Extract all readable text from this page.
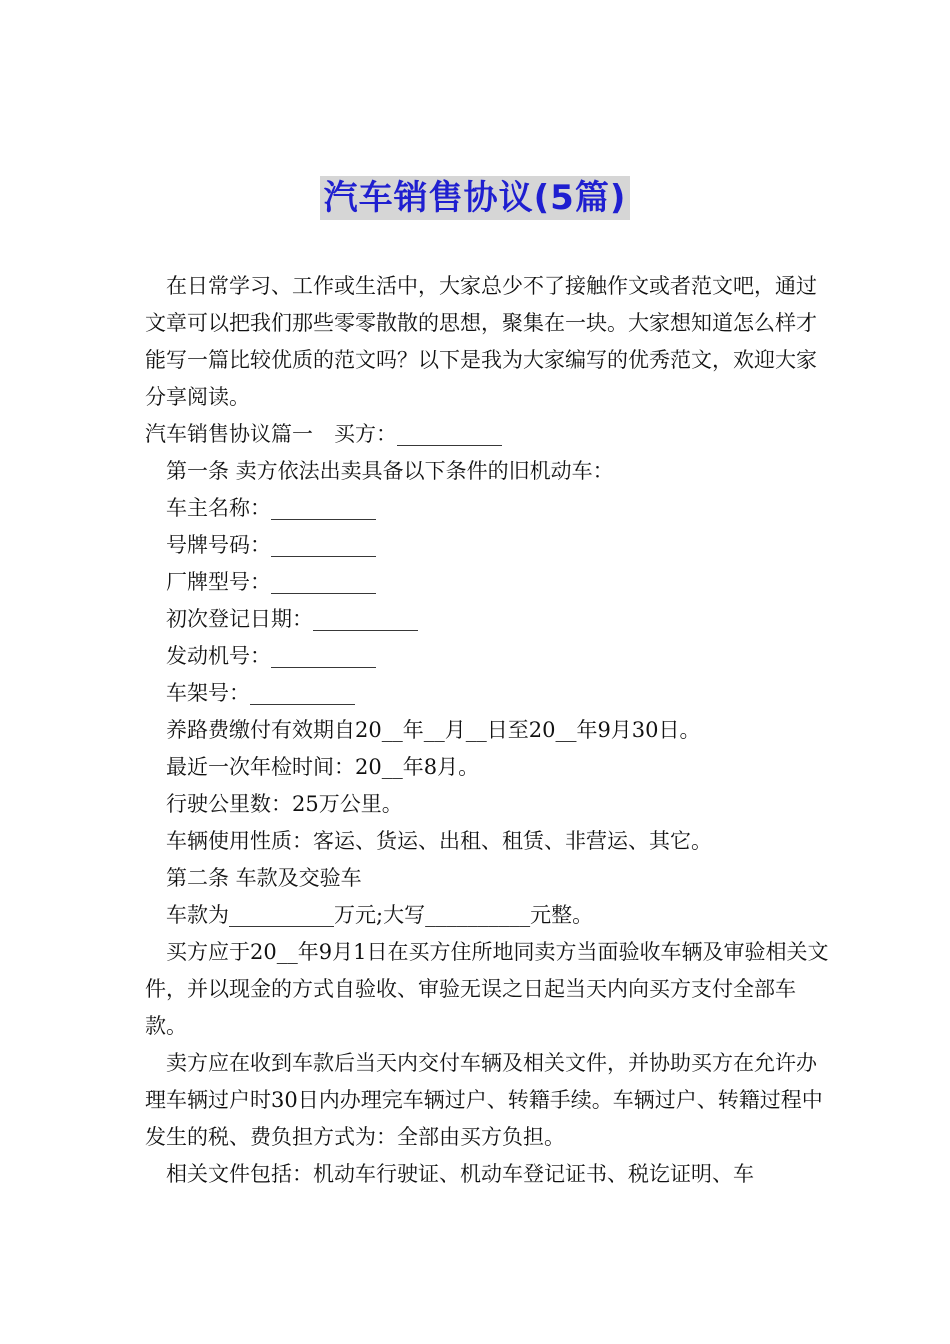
汽车销售协议(5篇)

在日常学习、工作或生活中，大家总少不了接触作文或者范文吧，通过文章可以把我们那些零零散散的思想，聚集在一块。大家想知道怎么样才能写一篇比较优质的范文吗？以下是我为大家编写的优秀范文，欢迎大家分享阅读。

汽车销售协议篇一　买方：__________

第一条 卖方依法出卖具备以下条件的旧机动车：

车主名称：__________

号牌号码：__________

厂牌型号：__________

初次登记日期：__________

发动机号：__________

车架号：__________

养路费缴付有效期自20__年__月__日至20__年9月30日。

最近一次年检时间：20__年8月。

行驶公里数：25万公里。

车辆使用性质：客运、货运、出租、租赁、非营运、其它。

第二条 车款及交验车

车款为__________万元;大写__________元整。

买方应于20__年9月1日在买方住所地同卖方当面验收车辆及审验相关文件，并以现金的方式自验收、审验无误之日起当天内向买方支付全部车款。

卖方应在收到车款后当天内交付车辆及相关文件，并协助买方在允许办理车辆过户时30日内办理完车辆过户、转籍手续。车辆过户、转籍过程中发生的税、费负担方式为：全部由买方负担。

相关文件包括：机动车行驶证、机动车登记证书、税讫证明、车
